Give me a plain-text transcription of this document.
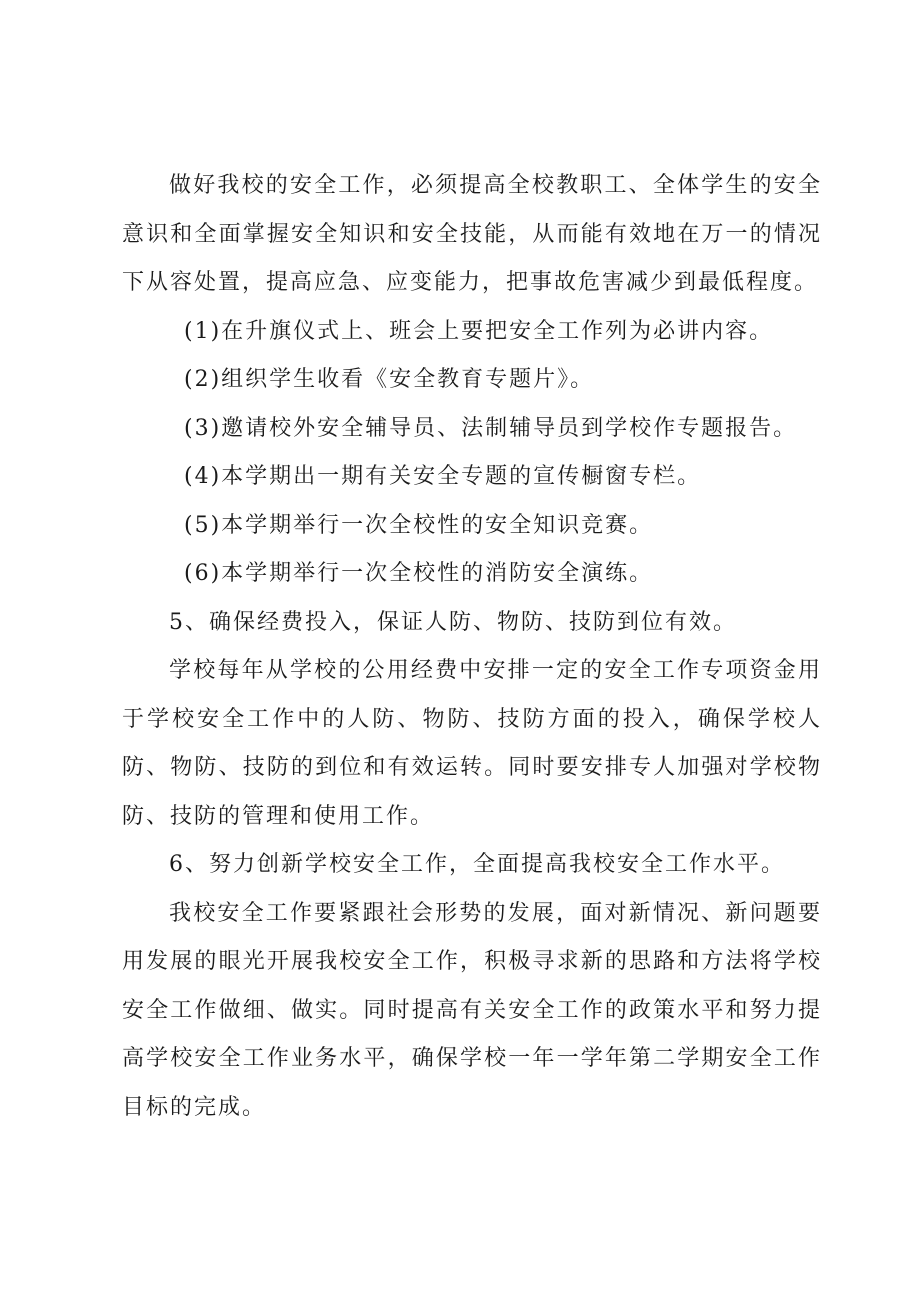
做好我校的安全工作，必须提高全校教职工、全体学生的安全意识和全面掌握安全知识和安全技能，从而能有效地在万一的情况下从容处置，提高应急、应变能力，把事故危害减少到最低程度。

(1)在升旗仪式上、班会上要把安全工作列为必讲内容。

(2)组织学生收看《安全教育专题片》。

(3)邀请校外安全辅导员、法制辅导员到学校作专题报告。

(4)本学期出一期有关安全专题的宣传橱窗专栏。

(5)本学期举行一次全校性的安全知识竞赛。

(6)本学期举行一次全校性的消防安全演练。

5、确保经费投入，保证人防、物防、技防到位有效。

学校每年从学校的公用经费中安排一定的安全工作专项资金用于学校安全工作中的人防、物防、技防方面的投入，确保学校人防、物防、技防的到位和有效运转。同时要安排专人加强对学校物防、技防的管理和使用工作。

6、努力创新学校安全工作，全面提高我校安全工作水平。

我校安全工作要紧跟社会形势的发展，面对新情况、新问题要用发展的眼光开展我校安全工作，积极寻求新的思路和方法将学校安全工作做细、做实。同时提高有关安全工作的政策水平和努力提高学校安全工作业务水平，确保学校一年一学年第二学期安全工作目标的完成。
